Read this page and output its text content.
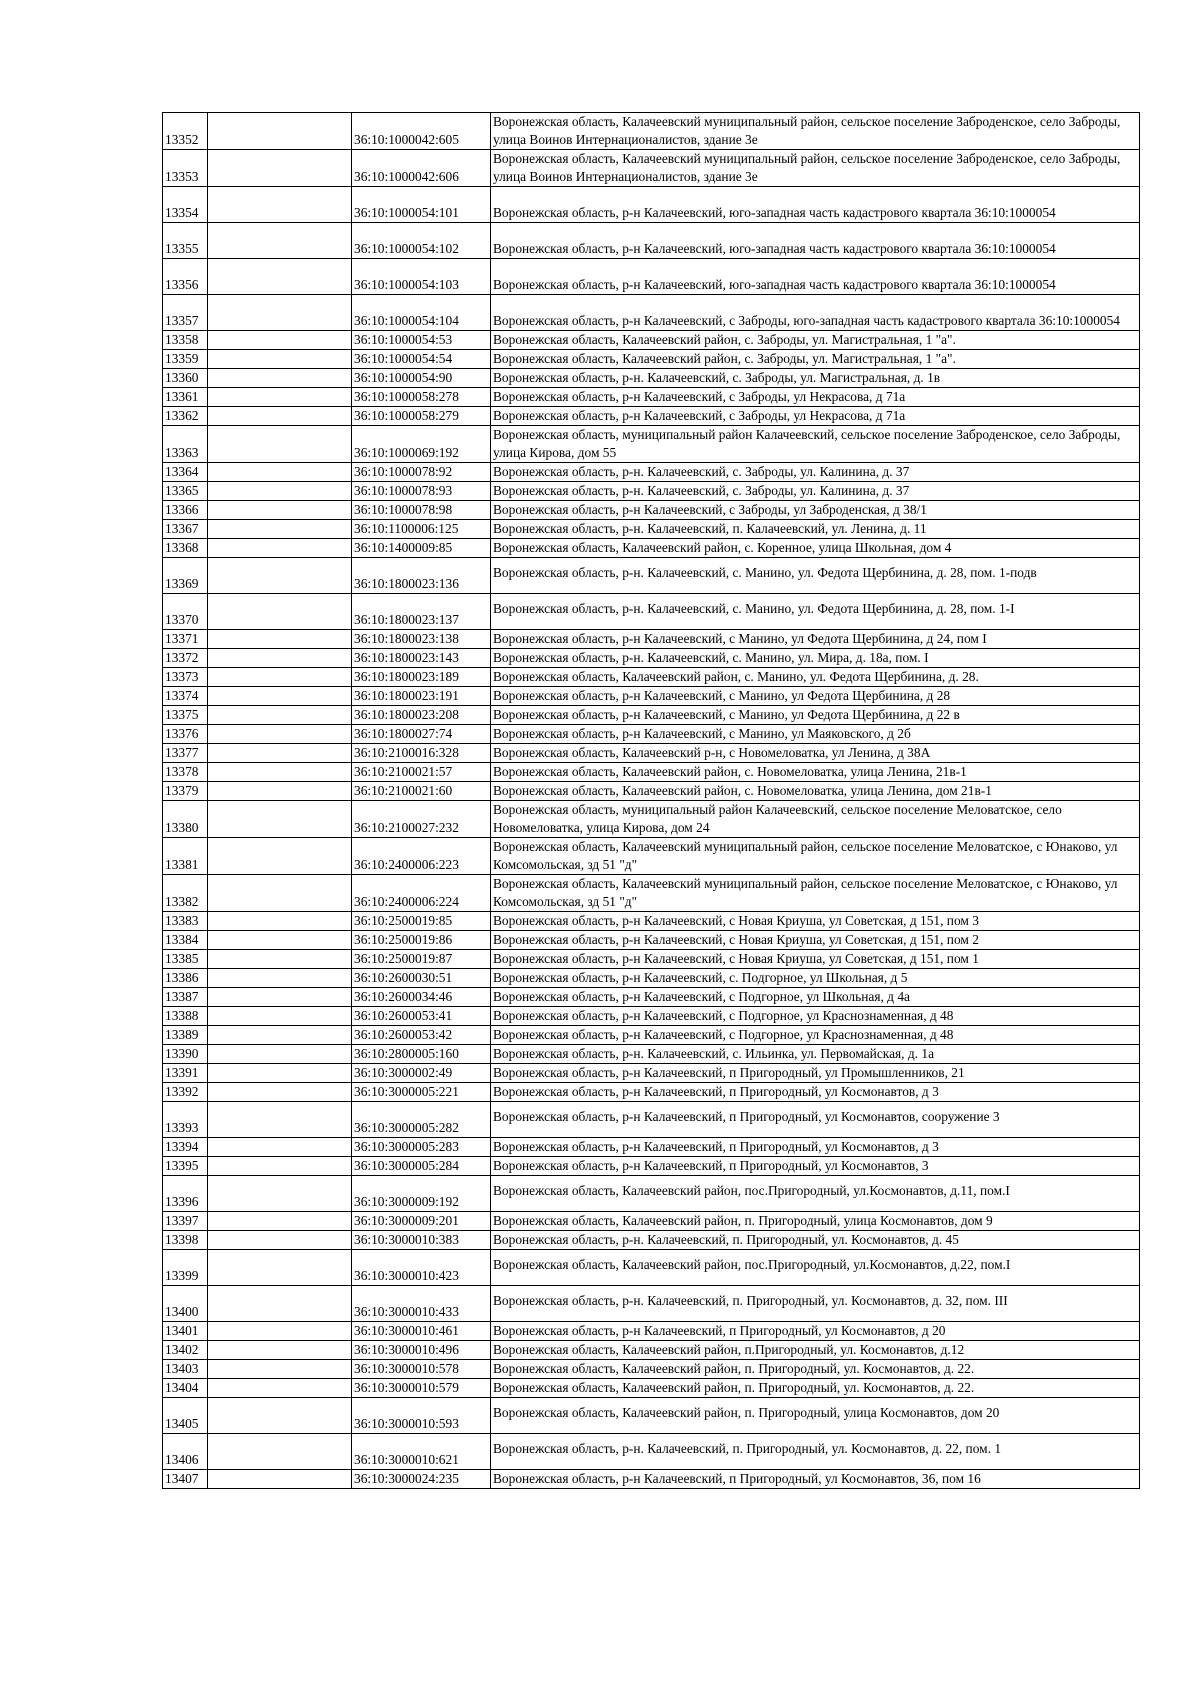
13352		36:10:1000042:605	Воронежская область, Калачеевский муниципальный район, сельское поселение Заброденское, село Заброды, улица Воинов Интернационалистов, здание 3е
13353		36:10:1000042:606	Воронежская область, Калачеевский муниципальный район, сельское поселение Заброденское, село Заброды, улица Воинов Интернационалистов, здание 3е
13354		36:10:1000054:101	Воронежская область, р-н Калачеевский, юго-западная часть кадастрового квартала 36:10:1000054
13355		36:10:1000054:102	Воронежская область, р-н Калачеевский, юго-западная часть кадастрового квартала 36:10:1000054
13356		36:10:1000054:103	Воронежская область, р-н Калачеевский, юго-западная часть кадастрового квартала 36:10:1000054
13357		36:10:1000054:104	Воронежская область, р-н Калачеевский, с Заброды, юго-западная часть кадастрового квартала 36:10:1000054
13358		36:10:1000054:53	Воронежская область, Калачеевский район, с. Заброды, ул. Магистральная, 1 "а".
13359		36:10:1000054:54	Воронежская область, Калачеевский район, с. Заброды, ул. Магистральная, 1 "а".
13360		36:10:1000054:90	Воронежская область, р-н. Калачеевский, с. Заброды, ул. Магистральная, д. 1в
13361		36:10:1000058:278	Воронежская область, р-н Калачеевский, с Заброды, ул Некрасова, д 71а
13362		36:10:1000058:279	Воронежская область, р-н Калачеевский, с Заброды, ул Некрасова, д 71а
13363		36:10:1000069:192	Воронежская область, муниципальный район Калачеевский, сельское поселение Заброденское, село Заброды, улица Кирова, дом 55
13364		36:10:1000078:92	Воронежская область, р-н. Калачеевский, с. Заброды, ул. Калинина, д. 37
13365		36:10:1000078:93	Воронежская область, р-н. Калачеевский, с. Заброды, ул. Калинина, д. 37
13366		36:10:1000078:98	Воронежская область, р-н Калачеевский, с Заброды, ул Заброденская, д 38/1
13367		36:10:1100006:125	Воронежская область, р-н. Калачеевский, п. Калачеевский, ул. Ленина, д. 11
13368		36:10:1400009:85	Воронежская область, Калачеевский район, с. Коренное, улица Школьная, дом 4
13369		36:10:1800023:136	Воронежская область, р-н. Калачеевский, с. Манино, ул. Федота Щербинина, д. 28, пом. 1-подв
13370		36:10:1800023:137	Воронежская область, р-н. Калачеевский, с. Манино, ул. Федота Щербинина, д. 28, пом. 1-I
13371		36:10:1800023:138	Воронежская область, р-н Калачеевский, с Манино, ул Федота Щербинина, д 24, пом I
13372		36:10:1800023:143	Воронежская область, р-н. Калачеевский, с. Манино, ул. Мира, д. 18а, пом. I
13373		36:10:1800023:189	Воронежская область, Калачеевский район, с. Манино, ул. Федота Щербинина, д. 28.
13374		36:10:1800023:191	Воронежская область, р-н Калачеевский, с Манино, ул Федота Щербинина, д 28
13375		36:10:1800023:208	Воронежская область, р-н Калачеевский, с Манино, ул Федота Щербинина, д 22 в
13376		36:10:1800027:74	Воронежская область, р-н Калачеевский, с Манино, ул Маяковского, д 2б
13377		36:10:2100016:328	Воронежская область, Калачеевский р-н, с Новомеловатка, ул Ленина, д 38А
13378		36:10:2100021:57	Воронежская область, Калачеевский район, с. Новомеловатка, улица Ленина, 21в-1
13379		36:10:2100021:60	Воронежская область, Калачеевский район, с. Новомеловатка, улица Ленина, дом 21в-1
13380		36:10:2100027:232	Воронежская область, муниципальный район Калачеевский, сельское поселение Меловатское, село Новомеловатка, улица Кирова, дом 24
13381		36:10:2400006:223	Воронежская область, Калачеевский муниципальный район, сельское поселение Меловатское, с Юнаково, ул Комсомольская, зд 51 "д"
13382		36:10:2400006:224	Воронежская область, Калачеевский муниципальный район, сельское поселение Меловатское, с Юнаково, ул Комсомольская, зд 51 "д"
13383		36:10:2500019:85	Воронежская область, р-н Калачеевский, с Новая Криуша, ул Советская, д 151, пом 3
13384		36:10:2500019:86	Воронежская область, р-н Калачеевский, с Новая Криуша, ул Советская, д 151, пом 2
13385		36:10:2500019:87	Воронежская область, р-н Калачеевский, с Новая Криуша, ул Советская, д 151, пом 1
13386		36:10:2600030:51	Воронежская область, р-н Калачеевский, с. Подгорное, ул Школьная, д 5
13387		36:10:2600034:46	Воронежская область, р-н Калачеевский, с Подгорное, ул Школьная, д 4а
13388		36:10:2600053:41	Воронежская область, р-н Калачеевский, с Подгорное, ул Краснознаменная, д 48
13389		36:10:2600053:42	Воронежская область, р-н Калачеевский, с Подгорное, ул Краснознаменная, д 48
13390		36:10:2800005:160	Воронежская область, р-н. Калачеевский, с. Ильинка, ул. Первомайская, д. 1а
13391		36:10:3000002:49	Воронежская область, р-н Калачеевский, п Пригородный, ул Промышленников, 21
13392		36:10:3000005:221	Воронежская область, р-н Калачеевский, п Пригородный, ул Космонавтов, д 3
13393		36:10:3000005:282	Воронежская область, р-н Калачеевский, п Пригородный, ул Космонавтов, сооружение 3
13394		36:10:3000005:283	Воронежская область, р-н Калачеевский, п Пригородный, ул Космонавтов, д 3
13395		36:10:3000005:284	Воронежская область, р-н Калачеевский, п Пригородный, ул Космонавтов, 3
13396		36:10:3000009:192	Воронежская область, Калачеевский район, пос.Пригородный, ул.Космонавтов, д.11, пом.I
13397		36:10:3000009:201	Воронежская область, Калачеевский район, п. Пригородный, улица Космонавтов, дом 9
13398		36:10:3000010:383	Воронежская область, р-н. Калачеевский, п. Пригородный, ул. Космонавтов, д. 45
13399		36:10:3000010:423	Воронежская область, Калачеевский район, пос.Пригородный, ул.Космонавтов, д.22, пом.I
13400		36:10:3000010:433	Воронежская область, р-н. Калачеевский, п. Пригородный, ул. Космонавтов, д. 32, пом. III
13401		36:10:3000010:461	Воронежская область, р-н Калачеевский, п Пригородный, ул Космонавтов, д 20
13402		36:10:3000010:496	Воронежская область, Калачеевский район, п.Пригородный, ул. Космонавтов, д.12
13403		36:10:3000010:578	Воронежская область, Калачеевский район, п. Пригородный, ул. Космонавтов, д. 22.
13404		36:10:3000010:579	Воронежская область, Калачеевский район, п. Пригородный, ул. Космонавтов, д. 22.
13405		36:10:3000010:593	Воронежская область, Калачеевский район, п. Пригородный, улица Космонавтов, дом 20
13406		36:10:3000010:621	Воронежская область, р-н. Калачеевский, п. Пригородный, ул. Космонавтов, д. 22, пом. 1
13407		36:10:3000024:235	Воронежская область, р-н Калачеевский, п Пригородный, ул Космонавтов, 36, пом 16
